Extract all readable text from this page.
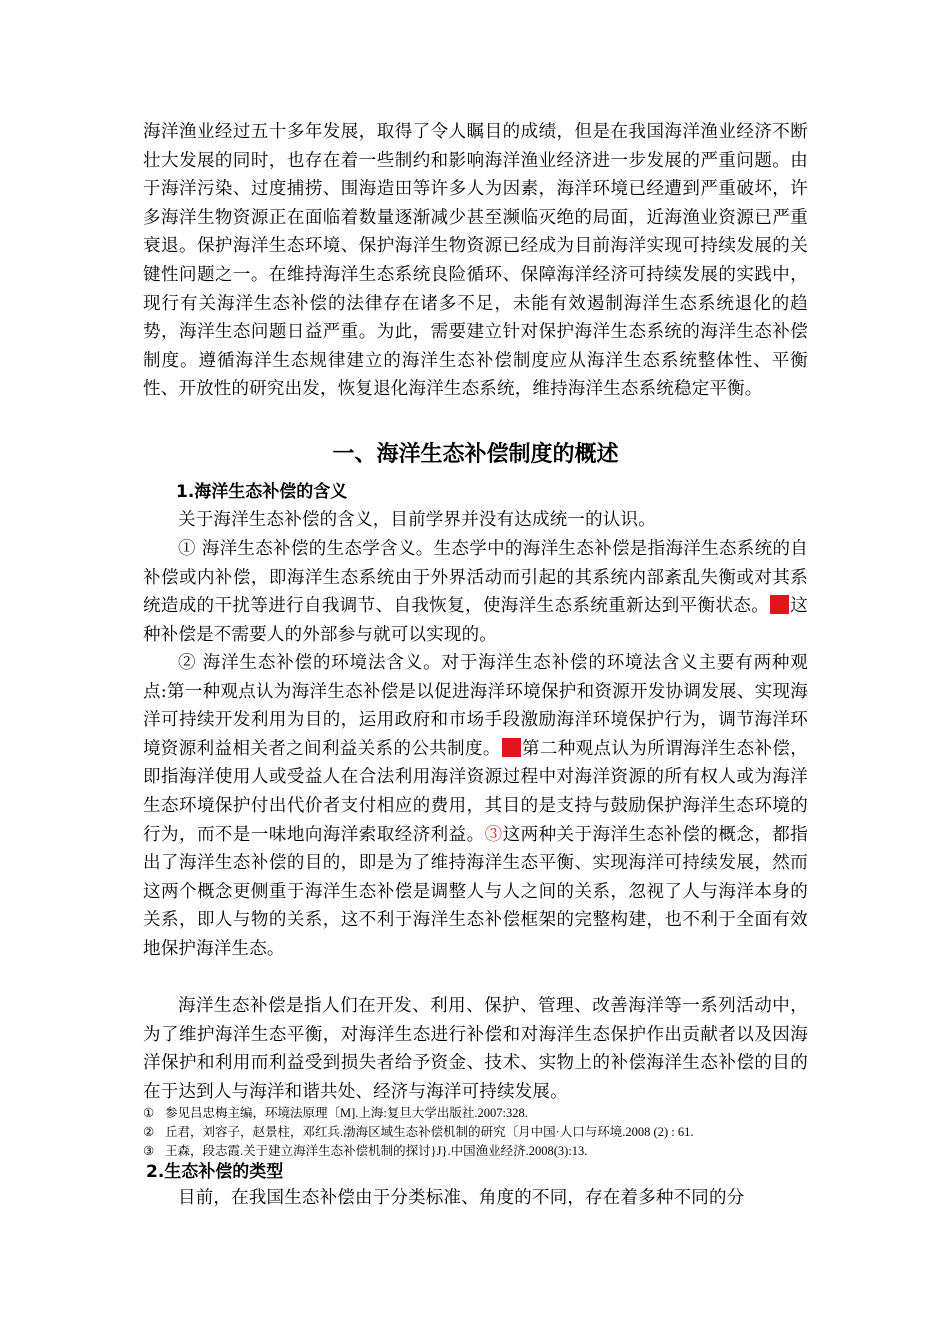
海洋渔业经过五十多年发展，取得了令人瞩目的成绩，但是在我国海洋渔业经济不断壮大发展的同时，也存在着一些制约和影响海洋渔业经济进一步发展的严重问题。由于海洋污染、过度捕捞、围海造田等许多人为因素，海洋环境已经遭到严重破坏，许多海洋生物资源正在面临着数量逐渐减少甚至濒临灭绝的局面，近海渔业资源已严重衰退。保护海洋生态环境、保护海洋生物资源已经成为目前海洋实现可持续发展的关键性问题之一。在维持海洋生态系统良险循环、保障海洋经济可持续发展的实践中，现行有关海洋生态补偿的法律存在诸多不足，未能有效遏制海洋生态系统退化的趋势，海洋生态问题日益严重。为此，需要建立针对保护海洋生态系统的海洋生态补偿制度。遵循海洋生态规律建立的海洋生态补偿制度应从海洋生态系统整体性、平衡性、开放性的研究出发，恢复退化海洋生态系统，维持海洋生态系统稳定平衡。

一、海洋生态补偿制度的概述
1.海洋生态补偿的含义

关于海洋生态补偿的含义，目前学界并没有达成统一的认识。

① 海洋生态补偿的生态学含义。生态学中的海洋生态补偿是指海洋生态系统的自补偿或内补偿，即海洋生态系统由于外界活动而引起的其系统内部紊乱失衡或对其系统造成的干扰等进行自我调节、自我恢复，使海洋生态系统重新达到平衡状态。 这种补偿是不需要人的外部参与就可以实现的。

② 海洋生态补偿的环境法含义。对于海洋生态补偿的环境法含义主要有两种观点:第一种观点认为海洋生态补偿是以促进海洋环境保护和资源开发协调发展、实现海洋可持续开发利用为目的，运用政府和市场手段激励海洋环境保护行为，调节海洋环境资源利益相关者之间利益关系的公共制度。 第二种观点认为所谓海洋生态补偿，即指海洋使用人或受益人在合法利用海洋资源过程中对海洋资源的所有权人或为海洋生态环境保护付出代价者支付相应的费用，其目的是支持与鼓励保护海洋生态环境的行为，而不是一味地向海洋索取经济利益。③这两种关于海洋生态补偿的概念，都指出了海洋生态补偿的目的，即是为了维持海洋生态平衡、实现海洋可持续发展，然而这两个概念更侧重于海洋生态补偿是调整人与人之间的关系，忽视了人与海洋本身的关系，即人与物的关系，这不利于海洋生态补偿框架的完整构建，也不利于全面有效地保护海洋生态。

海洋生态补偿是指人们在开发、利用、保护、管理、改善海洋等一系列活动中，为了维护海洋生态平衡，对海洋生态进行补偿和对海洋生态保护作出贡献者以及因海洋保护和利用而利益受到损失者给予资金、技术、实物上的补偿海洋生态补偿的目的在于达到人与海洋和谐共处、经济与海洋可持续发展。

① 参见吕忠梅主编，环境法原理〔M].上海:复旦大学出版社.2007:328.
② 丘君，刘容子，赵景柱，邓红兵.渤海区域生态补偿机制的研究〔月中国·人口与环境.2008 (2) : 61.
③ 王森，段志霞.关于建立海洋生态补偿机制的探讨}J}.中国渔业经济.2008(3):13.
2.生态补偿的类型

目前，在我国生态补偿由于分类标准、角度的不同，存在着多种不同的分
